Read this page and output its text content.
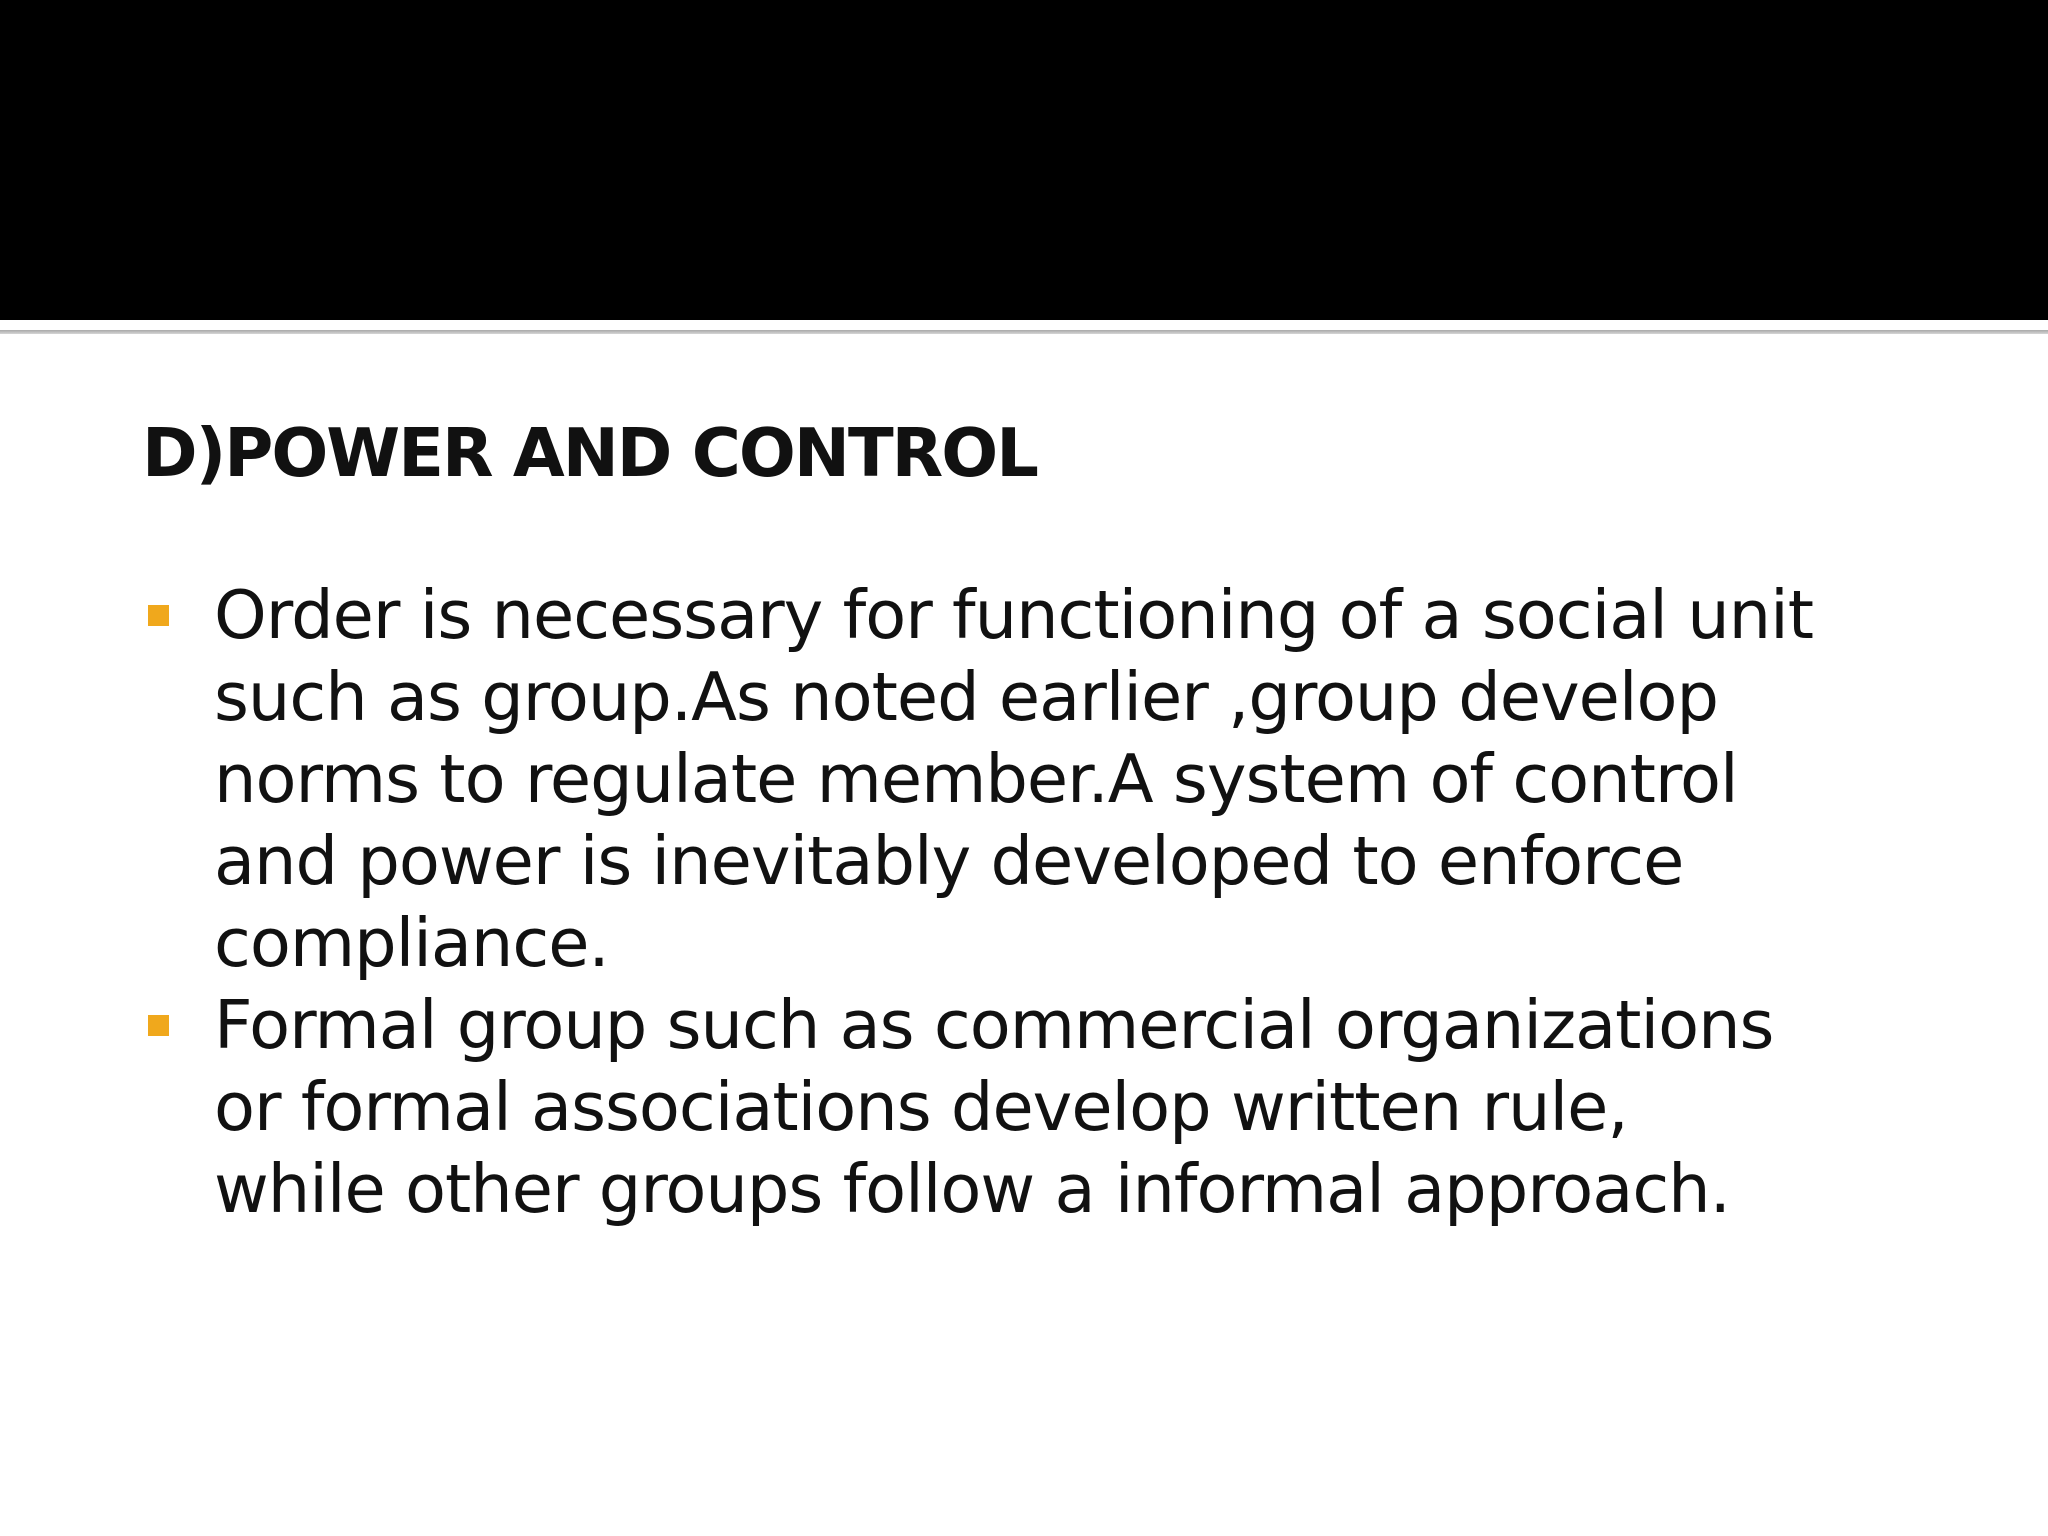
D)POWER AND CONTROL
Order is necessary for functioning of a social unit
such as group.As noted earlier ,group develop
norms to regulate member.A system of control
and power is inevitably developed to enforce
compliance.
Formal group such as commercial organizations
or formal associations develop written rule,
while other groups follow a informal approach.
